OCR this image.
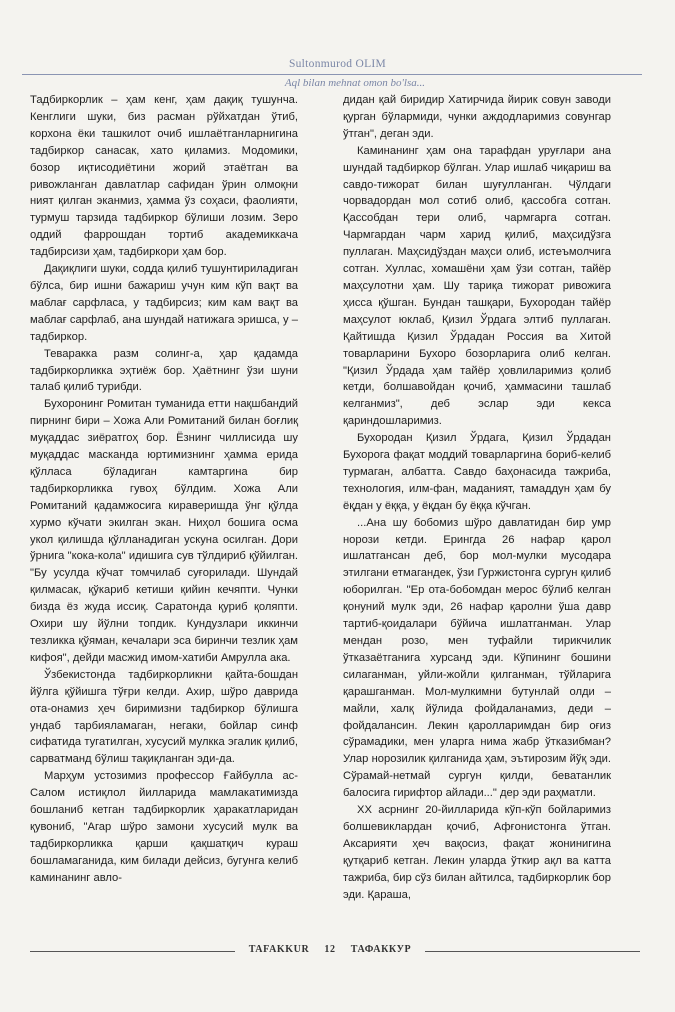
Sultonmurod OLIM
Aql bilan mehnat omon bo'lsa...

Тадбиркорлик – ҳам кенг, ҳам дақиқ тушунча. Кенглиги шуки, биз расман рўйхатдан ўтиб, корхона ёки ташкилот очиб ишлаётганларнигина тадбиркор санасак, хато қиламиз. Модомики, бозор иқтисодиётини жорий этаётган ва ривожланган давлатлар сафидан ўрин олмоқни ният қилган эканмиз, ҳамма ўз соҳаси, фаолияти, турмуш тарзида тадбиркор бўлиши лозим. Зеро оддий фаррошдан тортиб академиккача тадбирсизи ҳам, тадбиркори ҳам бор.

Дақиқлиги шуки, содда қилиб тушунтириладиган бўлса, бир ишни бажариш учун ким кўп вақт ва маблағ сарфласа, у тадбирсиз; ким кам вақт ва маблағ сарфлаб, ана шундай натижага эришса, у – тадбиркор.

Теваракка разм солинг-а, ҳар қадамда тадбиркорликка эҳтиёж бор. Ҳаётнинг ўзи шуни талаб қилиб турибди.

Бухоронинг Ромитан туманида етти нақшбандий пирнинг бири – Хожа Али Ромитаний билан боғлиқ муқаддас зиёратгоҳ бор. Ёзнинг чиллисида шу муқаддас масканда юртимизнинг ҳамма ерида қўлласа бўладиган камтаргина бир тадбиркорликка гувоҳ бўлдим. Хожа Али Ромитаний қадамжосига кираверишда ўнг қўлда хурмо кўчати экилган экан. Ниҳол бошига осма укол қилишда қўлланадиган ускуна осилган. Дори ўрнига "кока-кола" идишига сув тўлдириб қўйилган. "Бу усулда кўчат томчилаб суғорилади. Шундай қилмасак, қўкариб кетиши қийин кечяпти. Чунки бизда ёз жуда иссиқ. Саратонда қуриб қоляпти. Охири шу йўлни топдик. Кундузлари иккинчи тезликка қўяман, кечалари эса биринчи тезлик ҳам кифоя", дейди масжид имом-хатиби Амрулла ака.

Ўзбекистонда тадбиркорликни қайта-бошдан йўлга қўйишга тўғри келди. Ахир, шўро даврида ота-онамиз ҳеч биримизни тадбиркор бўлишга ундаб тарбияламаган, негаки, бойлар синф сифатида тугатилган, хусусий мулкка эгалик қилиб, сарватманд бўлиш тақиқланган эди-да.

Марҳум устозимиз профессор Ғайбулла ас-Салом истиқлол йилларида мамлакатимизда бошланиб кетган тадбиркорлик ҳаракатларидан қувониб, "Агар шўро замони хусусий мулк ва тадбиркорликка қарши қақшатқич кураш бошламаганида, ким билади дейсиз, бугунга келиб каминанинг авло-

дидан қай биридир Хатирчида йирик совун заводи қурган бўлармиди, чунки аждодларимиз совунгар ўтган", деган эди.

Каминанинг ҳам она тарафдан уруғлари ана шундай тадбиркор бўлган. Улар ишлаб чиқариш ва савдо-тижорат билан шуғулланган. Чўлдаги чорвадордан мол сотиб олиб, қассобга сотган. Қассобдан тери олиб, чармгарга сотган. Чармгардан чарм харид қилиб, маҳсидўзга пуллаган. Маҳсидўздан маҳси олиб, истеъмолчига сотган. Хуллас, хомашёни ҳам ўзи сотган, тайёр маҳсулотни ҳам. Шу тариқа тижорат ривожига ҳисса қўшган. Бундан ташқари, Бухородан тайёр маҳсулот юклаб, Қизил Ўрдага элтиб пуллаган. Қайтишда Қизил Ўрдадан Россия ва Хитой товарларини Бухоро бозорларига олиб келган. "Қизил Ўрдада ҳам тайёр ҳовлиларимиз қолиб кетди, болшавойдан қочиб, ҳаммасини ташлаб келганмиз", деб эслар эди кекса қариндошларимиз.

Бухородан Қизил Ўрдага, Қизил Ўрдадан Бухорога фақат моддий товарларгина бориб-келиб турмаган, албатта. Савдо баҳонасида тажриба, технология, илм-фан, маданият, тамаддун ҳам бу ёқдан у ёққа, у ёқдан бу ёққа кўчган.

...Ана шу бобомиз шўро давлатидан бир умр норози кетди. Ерингда 26 нафар қарол ишлатгансан деб, бор мол-мулки мусодара этилгани етмагандек, ўзи Гуржистонга сургун қилиб юборилган. "Ер ота-бобомдан мерос бўлиб келган қонуний мулк эди, 26 нафар қаролни ўша давр тартиб-қоидалари бўйича ишлатганман. Улар мендан розо, мен туфайли тирикчилик ўтказаётганига хурсанд эди. Кўпининг бошини силаганман, уйли-жойли қилганман, тўйларига қарашганман. Мол-мулкимни бутунлай олди – майли, халқ йўлида фойдаланамиз, деди – фойдалансин. Лекин қаролларимдан бир оғиз сўрамадики, мен уларга нима жабр ўтказибман? Улар норозилик қилганида ҳам, эътирозим йўқ эди. Сўрамай-нетмай сургун қилди, беватанлик балосига гирифтор айлади..." дер эди раҳматли.

XX асрнинг 20-йилларида кўп-кўп бойларимиз болшевиклардан қочиб, Афғонистонга ўтган. Аксарияти ҳеч вақосиз, фақат жонинигина қутқариб кетган. Лекин уларда ўткир ақл ва катта тажриба, бир сўз билан айтилса, тадбиркорлик бор эди. Қараша,

TAFAKKUR 12 ТАФАККУР
